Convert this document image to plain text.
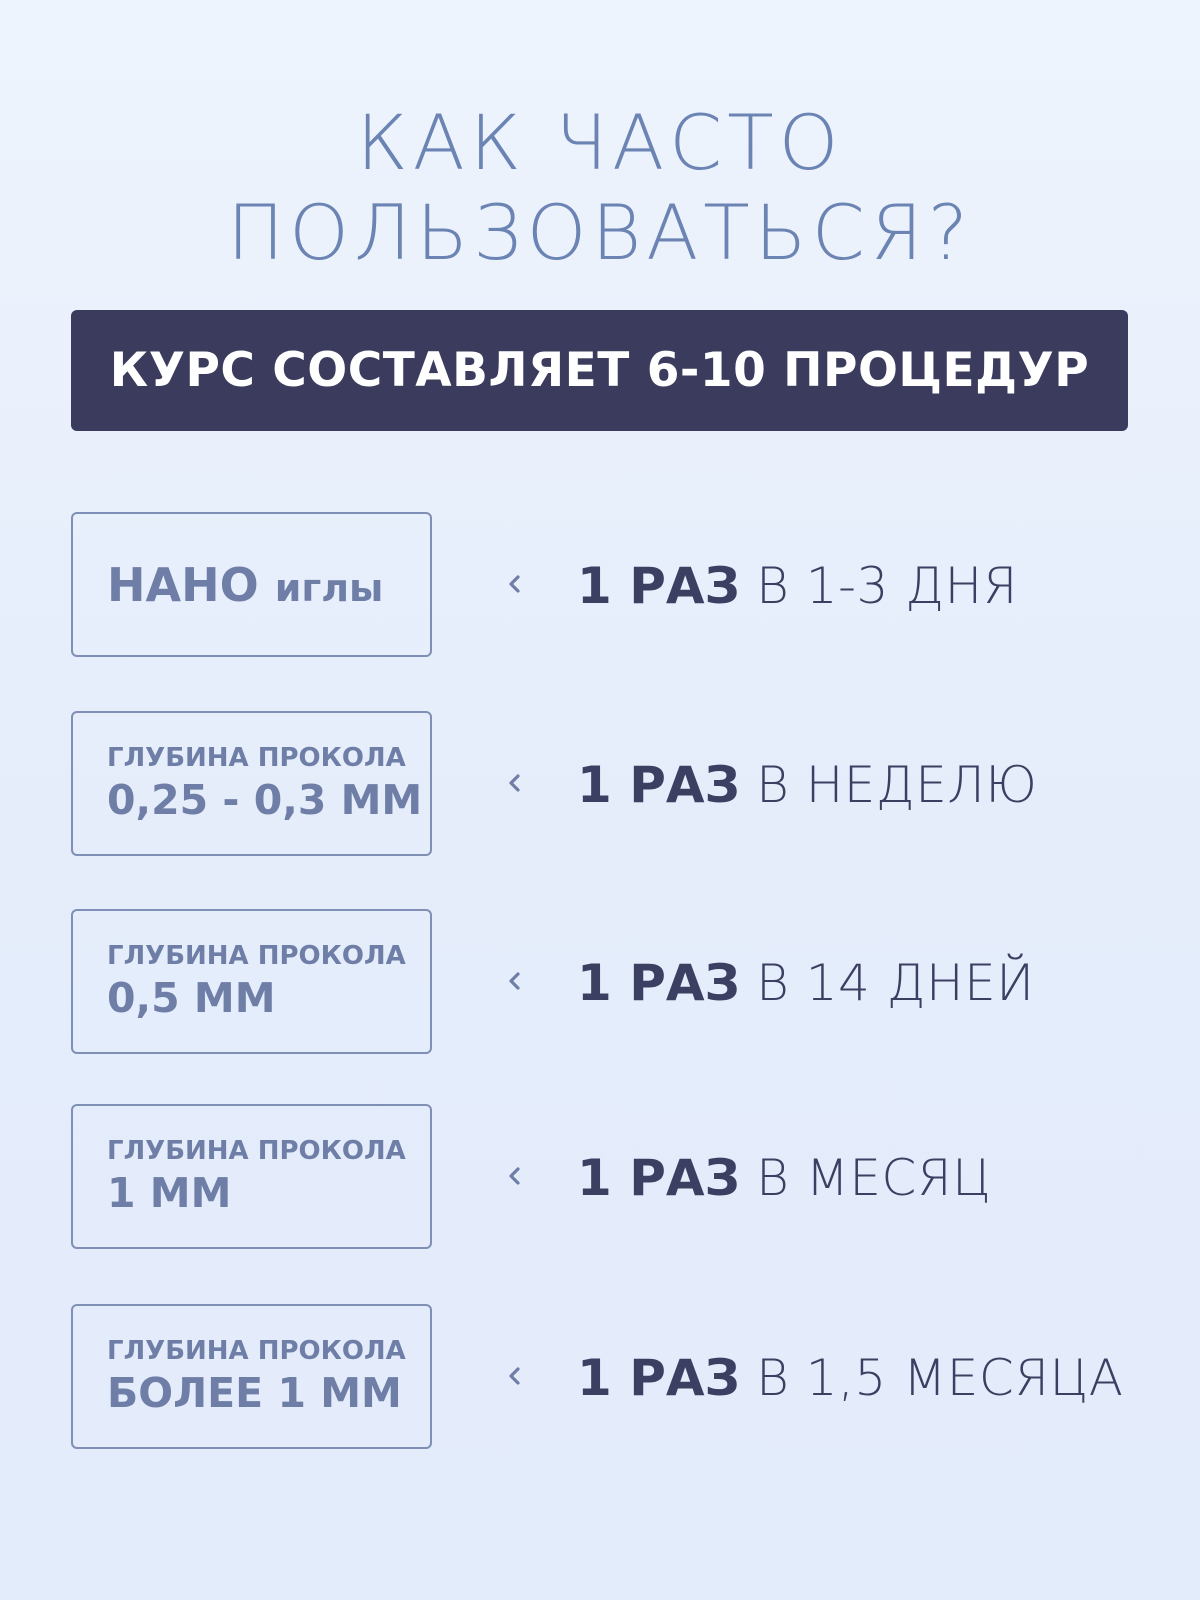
КАК ЧАСТО
ПОЛЬЗОВАТЬСЯ?
КУРС СОСТАВЛЯЕТ 6-10 ПРОЦЕДУР
НАНО иглы	1 РАЗ В 1-3 ДНЯ
ГЛУБИНА ПРОКОЛА
0,25 - 0,3 ММ	1 РАЗ В НЕДЕЛЮ
ГЛУБИНА ПРОКОЛА
0,5 ММ	1 РАЗ В 14 ДНЕЙ
ГЛУБИНА ПРОКОЛА
1 ММ	1 РАЗ В МЕСЯЦ
ГЛУБИНА ПРОКОЛА
БОЛЕЕ 1 ММ	1 РАЗ В 1,5 МЕСЯЦА
